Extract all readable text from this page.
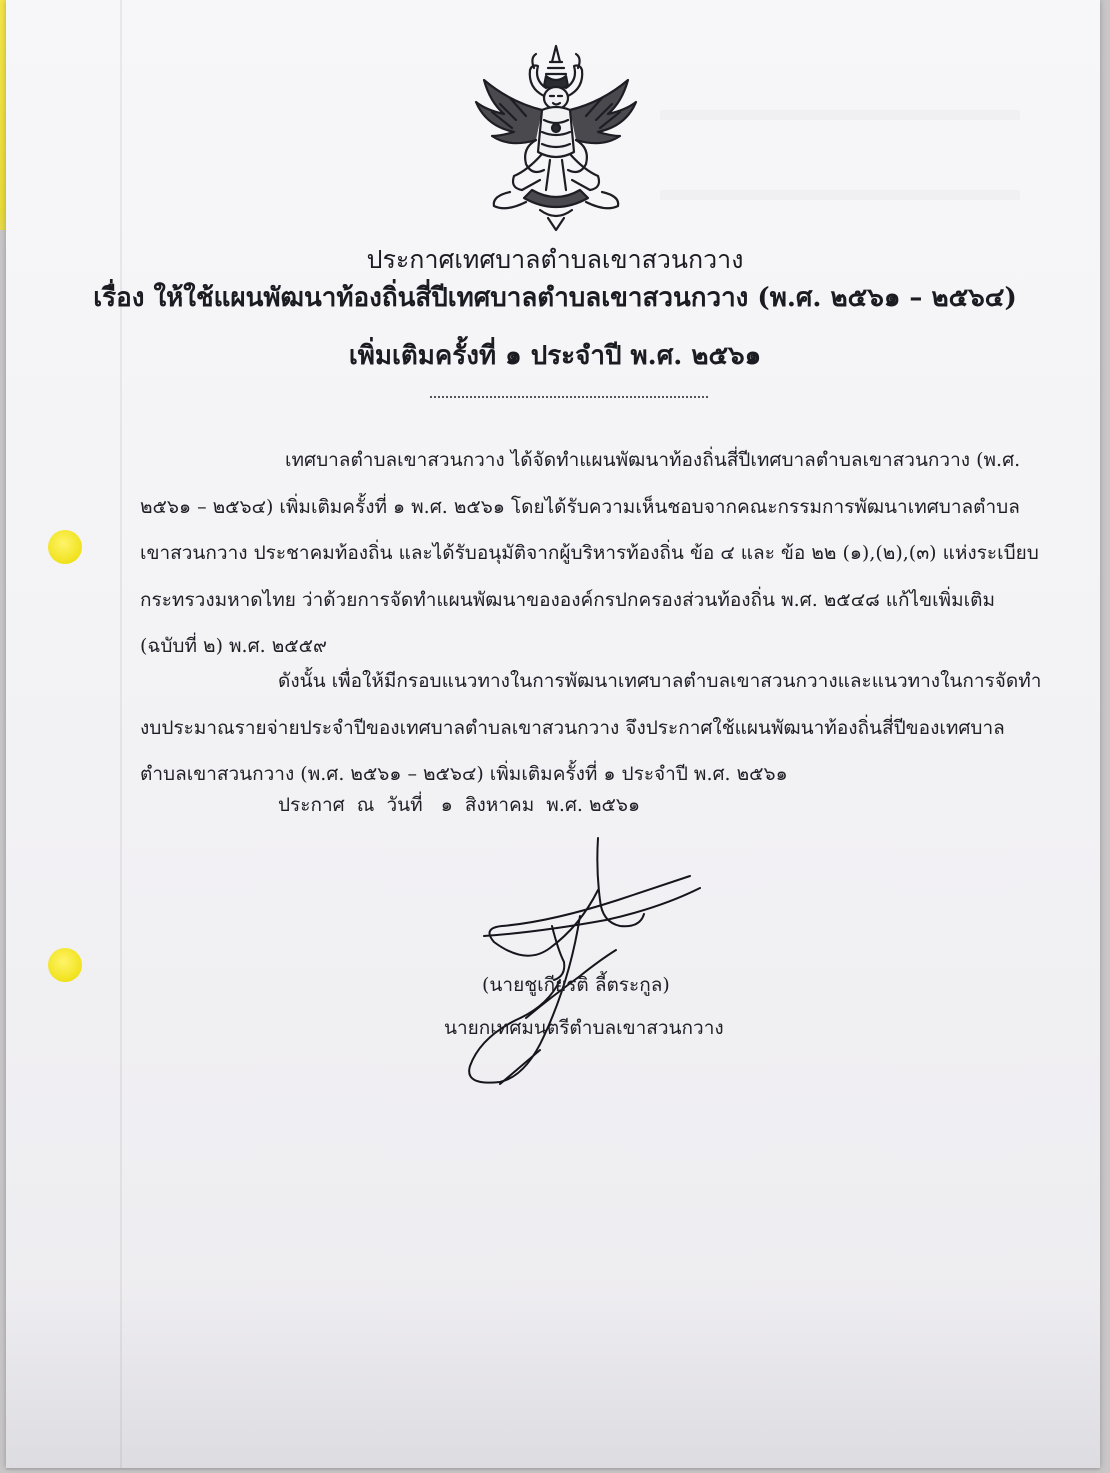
ประกาศเทศบาลตำบลเขาสวนกวาง
เรื่อง ให้ใช้แผนพัฒนาท้องถิ่นสี่ปีเทศบาลตำบลเขาสวนกวาง (พ.ศ. ๒๕๖๑ – ๒๕๖๔)
เพิ่มเติมครั้งที่ ๑ ประจำปี พ.ศ. ๒๕๖๑
เทศบาลตำบลเขาสวนกวาง ได้จัดทำแผนพัฒนาท้องถิ่นสี่ปีเทศบาลตำบลเขาสวนกวาง (พ.ศ.
๒๕๖๑ – ๒๕๖๔) เพิ่มเติมครั้งที่ ๑ พ.ศ. ๒๕๖๑ โดยได้รับความเห็นชอบจากคณะกรรมการพัฒนาเทศบาลตำบล
เขาสวนกวาง ประชาคมท้องถิ่น และได้รับอนุมัติจากผู้บริหารท้องถิ่น ข้อ ๔ และ ข้อ ๒๒ (๑),(๒),(๓) แห่งระเบียบ
กระทรวงมหาดไทย ว่าด้วยการจัดทำแผนพัฒนาขององค์กรปกครองส่วนท้องถิ่น พ.ศ. ๒๕๔๘ แก้ไขเพิ่มเติม
(ฉบับที่ ๒) พ.ศ. ๒๕๕๙
ดังนั้น เพื่อให้มีกรอบแนวทางในการพัฒนาเทศบาลตำบลเขาสวนกวางและแนวทางในการจัดทำ
งบประมาณรายจ่ายประจำปีของเทศบาลตำบลเขาสวนกวาง จึงประกาศใช้แผนพัฒนาท้องถิ่นสี่ปีของเทศบาล
ตำบลเขาสวนกวาง (พ.ศ. ๒๕๖๑ – ๒๕๖๔) เพิ่มเติมครั้งที่ ๑ ประจำปี พ.ศ. ๒๕๖๑
ประกาศ  ณ  วันที่   ๑  สิงหาคม  พ.ศ. ๒๕๖๑
(นายชูเกียรติ ลี้ตระกูล)
นายกเทศมนตรีตำบลเขาสวนกวาง
